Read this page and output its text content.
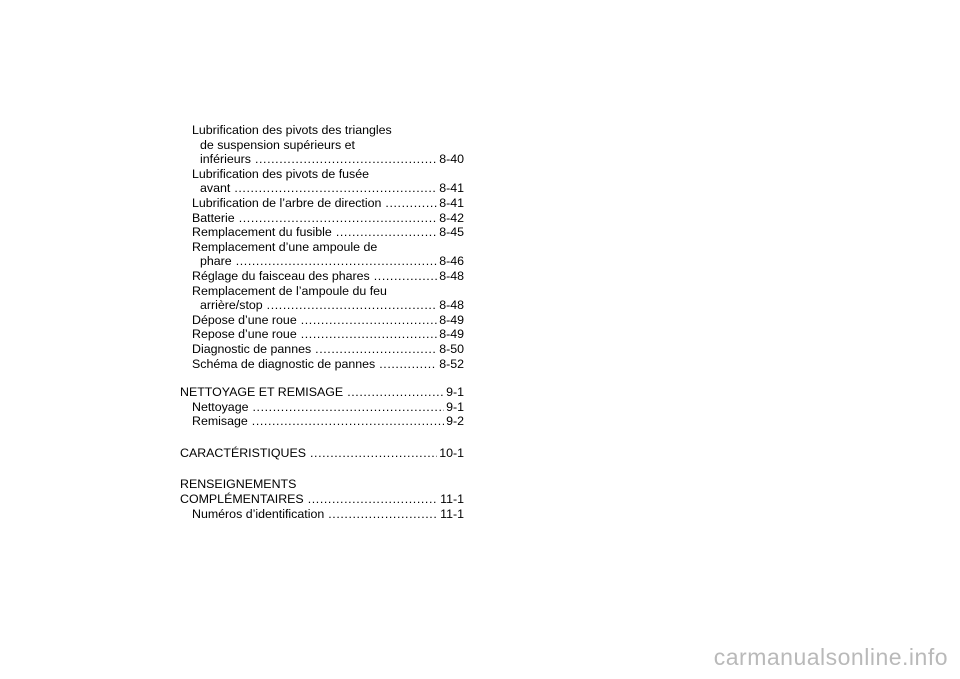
Lubrification des pivots des triangles
de suspension supérieurs et
inférieurs .....	8-40
Lubrification des pivots de fusée
avant .....	8-41
Lubrification de l’arbre de direction .....	8-41
Batterie .....	8-42
Remplacement du fusible .....	8-45
Remplacement d’une ampoule de
phare .....	8-46
Réglage du faisceau des phares .....	8-48
Remplacement de l’ampoule du feu
arrière/stop .....	8-48
Dépose d’une roue .....	8-49
Repose d’une roue .....	8-49
Diagnostic de pannes .....	8-50
Schéma de diagnostic de pannes .....	8-52
NETTOYAGE ET REMISAGE .....	9-1
Nettoyage .....	9-1
Remisage .....	9-2
CARACTÉRISTIQUES .....	10-1
RENSEIGNEMENTS
COMPLÉMENTAIRES .....	11-1
Numéros d’identification .....	11-1
carmanualsonline.info
